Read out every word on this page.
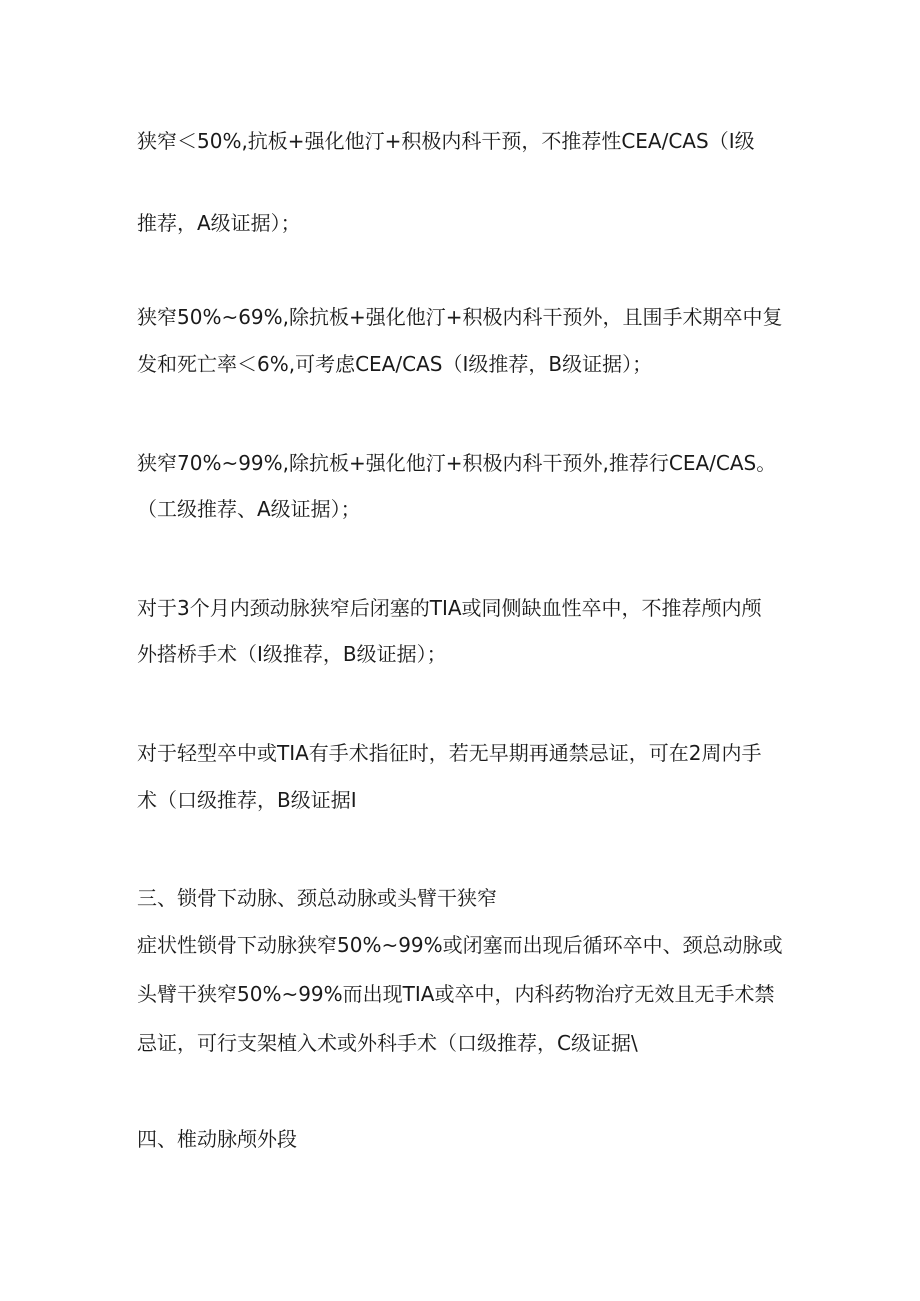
狭窄＜50%,抗板+强化他汀+积极内科干预，不推荐性CEA/CAS（I级
推荐，A级证据）；
狭窄50%~69%,除抗板+强化他汀+积极内科干预外，且围手术期卒中复
发和死亡率＜6%,可考虑CEA/CAS（I级推荐，B级证据）；
狭窄70%~99%,除抗板+强化他汀+积极内科干预外,推荐行CEA/CAS。
（工级推荐、A级证据）；
对于3个月内颈动脉狭窄后闭塞的TIA或同侧缺血性卒中，不推荐颅内颅
外搭桥手术（I级推荐，B级证据）；
对于轻型卒中或TIA有手术指征时，若无早期再通禁忌证，可在2周内手
术（口级推荐，B级证据I
三、锁骨下动脉、颈总动脉或头臂干狭窄
症状性锁骨下动脉狭窄50%~99%或闭塞而出现后循环卒中、颈总动脉或
头臂干狭窄50%~99%而出现TIA或卒中，内科药物治疗无效且无手术禁
忌证，可行支架植入术或外科手术（口级推荐，C级证据\
四、椎动脉颅外段
